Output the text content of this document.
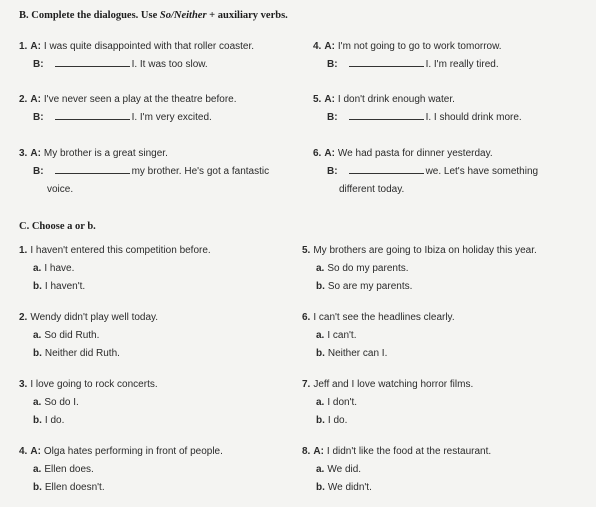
B. Complete the dialogues. Use So/Neither + auxiliary verbs.
1. A: I was quite disappointed with that roller coaster.
B:	I. It was too slow.
2. A: I've never seen a play at the theatre before.
B:	I. I'm very excited.
3. A: My brother is a great singer.
B:	my brother. He's got a fantastic
voice.
4. A: I'm not going to go to work tomorrow.
B:	I. I'm really tired.
5. A: I don't drink enough water.
B:	I. I should drink more.
6. A: We had pasta for dinner yesterday.
B:	we. Let's have something
different today.
C. Choose a or b.
1. I haven't entered this competition before.
a. I have.
b. I haven't.
2. Wendy didn't play well today.
a. So did Ruth.
b. Neither did Ruth.
3. I love going to rock concerts.
a. So do I.
b. I do.
4. A: Olga hates performing in front of people.
a. Ellen does.
b. Ellen doesn't.
5. My brothers are going to Ibiza on holiday this year.
a. So do my parents.
b. So are my parents.
6. I can't see the headlines clearly.
a. I can't.
b. Neither can I.
7. Jeff and I love watching horror films.
a. I don't.
b. I do.
8. A: I didn't like the food at the restaurant.
a. We did.
b. We didn't.
